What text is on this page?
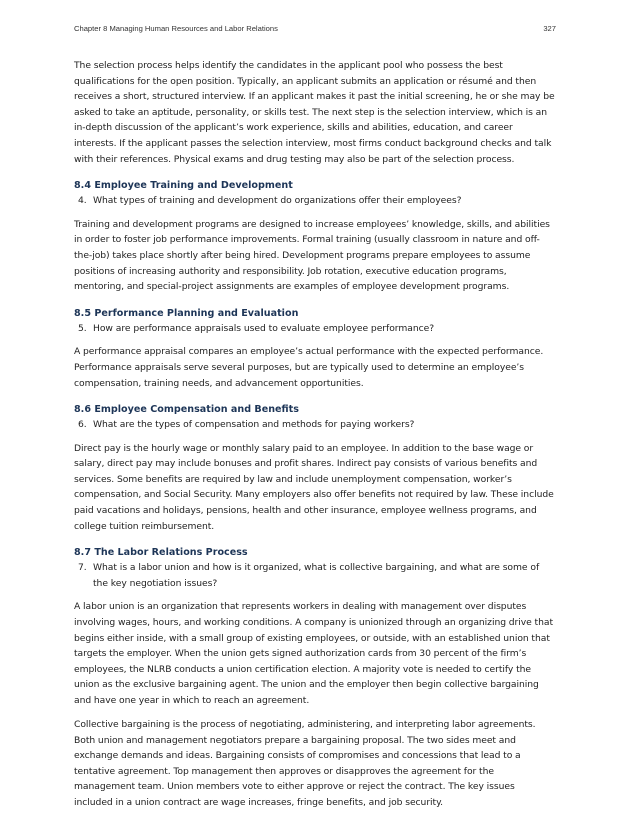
Chapter 8 Managing Human Resources and Labor Relations	327

The selection process helps identify the candidates in the applicant pool who possess the best qualifications for the open position. Typically, an applicant submits an application or résumé and then receives a short, structured interview. If an applicant makes it past the initial screening, he or she may be asked to take an aptitude, personality, or skills test. The next step is the selection interview, which is an in-depth discussion of the applicant’s work experience, skills and abilities, education, and career interests. If the applicant passes the selection interview, most firms conduct background checks and talk with their references. Physical exams and drug testing may also be part of the selection process.

8.4 Employee Training and Development
4. What types of training and development do organizations offer their employees?

Training and development programs are designed to increase employees’ knowledge, skills, and abilities in order to foster job performance improvements. Formal training (usually classroom in nature and off-the-job) takes place shortly after being hired. Development programs prepare employees to assume positions of increasing authority and responsibility. Job rotation, executive education programs, mentoring, and special-project assignments are examples of employee development programs.

8.5 Performance Planning and Evaluation
5. How are performance appraisals used to evaluate employee performance?

A performance appraisal compares an employee’s actual performance with the expected performance. Performance appraisals serve several purposes, but are typically used to determine an employee’s compensation, training needs, and advancement opportunities.

8.6 Employee Compensation and Benefits
6. What are the types of compensation and methods for paying workers?

Direct pay is the hourly wage or monthly salary paid to an employee. In addition to the base wage or salary, direct pay may include bonuses and profit shares. Indirect pay consists of various benefits and services. Some benefits are required by law and include unemployment compensation, worker’s compensation, and Social Security. Many employers also offer benefits not required by law. These include paid vacations and holidays, pensions, health and other insurance, employee wellness programs, and college tuition reimbursement.

8.7 The Labor Relations Process
7. What is a labor union and how is it organized, what is collective bargaining, and what are some of the key negotiation issues?

A labor union is an organization that represents workers in dealing with management over disputes involving wages, hours, and working conditions. A company is unionized through an organizing drive that begins either inside, with a small group of existing employees, or outside, with an established union that targets the employer. When the union gets signed authorization cards from 30 percent of the firm’s employees, the NLRB conducts a union certification election. A majority vote is needed to certify the union as the exclusive bargaining agent. The union and the employer then begin collective bargaining and have one year in which to reach an agreement.

Collective bargaining is the process of negotiating, administering, and interpreting labor agreements. Both union and management negotiators prepare a bargaining proposal. The two sides meet and exchange demands and ideas. Bargaining consists of compromises and concessions that lead to a tentative agreement. Top management then approves or disapproves the agreement for the management team. Union members vote to either approve or reject the contract. The key issues included in a union contract are wage increases, fringe benefits, and job security.
